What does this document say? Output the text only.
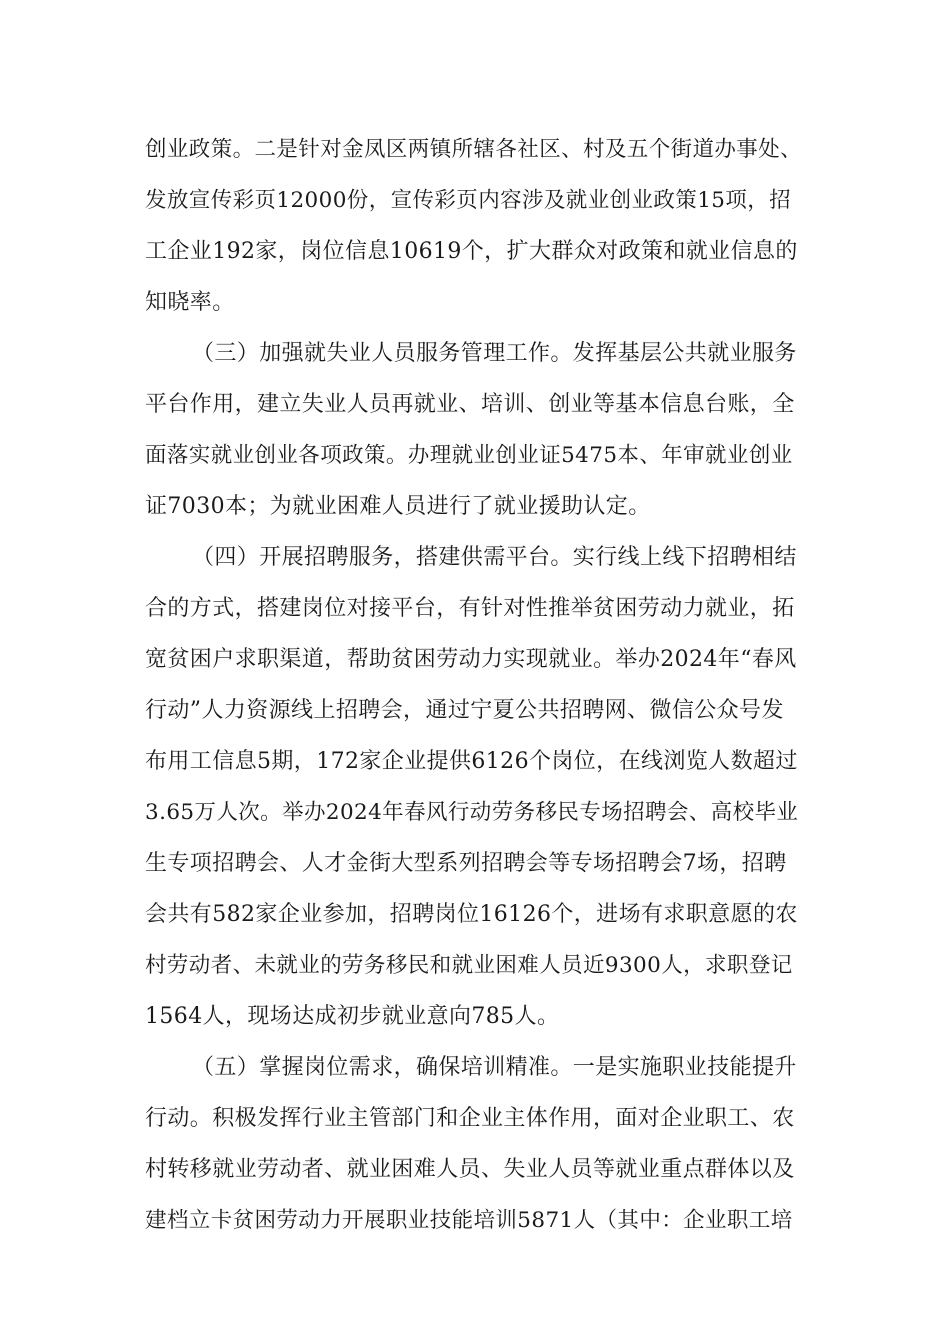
创业政策。二是针对金凤区两镇所辖各社区、村及五个街道办事处、
发放宣传彩页12000份，宣传彩页内容涉及就业创业政策15项，招
工企业192家，岗位信息10619个，扩大群众对政策和就业信息的
知晓率。
（三）加强就失业人员服务管理工作。发挥基层公共就业服务
平台作用，建立失业人员再就业、培训、创业等基本信息台账，全
面落实就业创业各项政策。办理就业创业证5475本、年审就业创业
证7030本；为就业困难人员进行了就业援助认定。
（四）开展招聘服务，搭建供需平台。实行线上线下招聘相结
合的方式，搭建岗位对接平台，有针对性推举贫困劳动力就业，拓
宽贫困户求职渠道，帮助贫困劳动力实现就业。举办2024年“春风
行动”人力资源线上招聘会，通过宁夏公共招聘网、微信公众号发
布用工信息5期，172家企业提供6126个岗位，在线浏览人数超过
3.65万人次。举办2024年春风行动劳务移民专场招聘会、高校毕业
生专项招聘会、人才金街大型系列招聘会等专场招聘会7场，招聘
会共有582家企业参加，招聘岗位16126个，进场有求职意愿的农
村劳动者、未就业的劳务移民和就业困难人员近9300人，求职登记
1564人，现场达成初步就业意向785人。
（五）掌握岗位需求，确保培训精准。一是实施职业技能提升
行动。积极发挥行业主管部门和企业主体作用，面对企业职工、农
村转移就业劳动者、就业困难人员、失业人员等就业重点群体以及
建档立卡贫困劳动力开展职业技能培训5871人（其中：企业职工培
